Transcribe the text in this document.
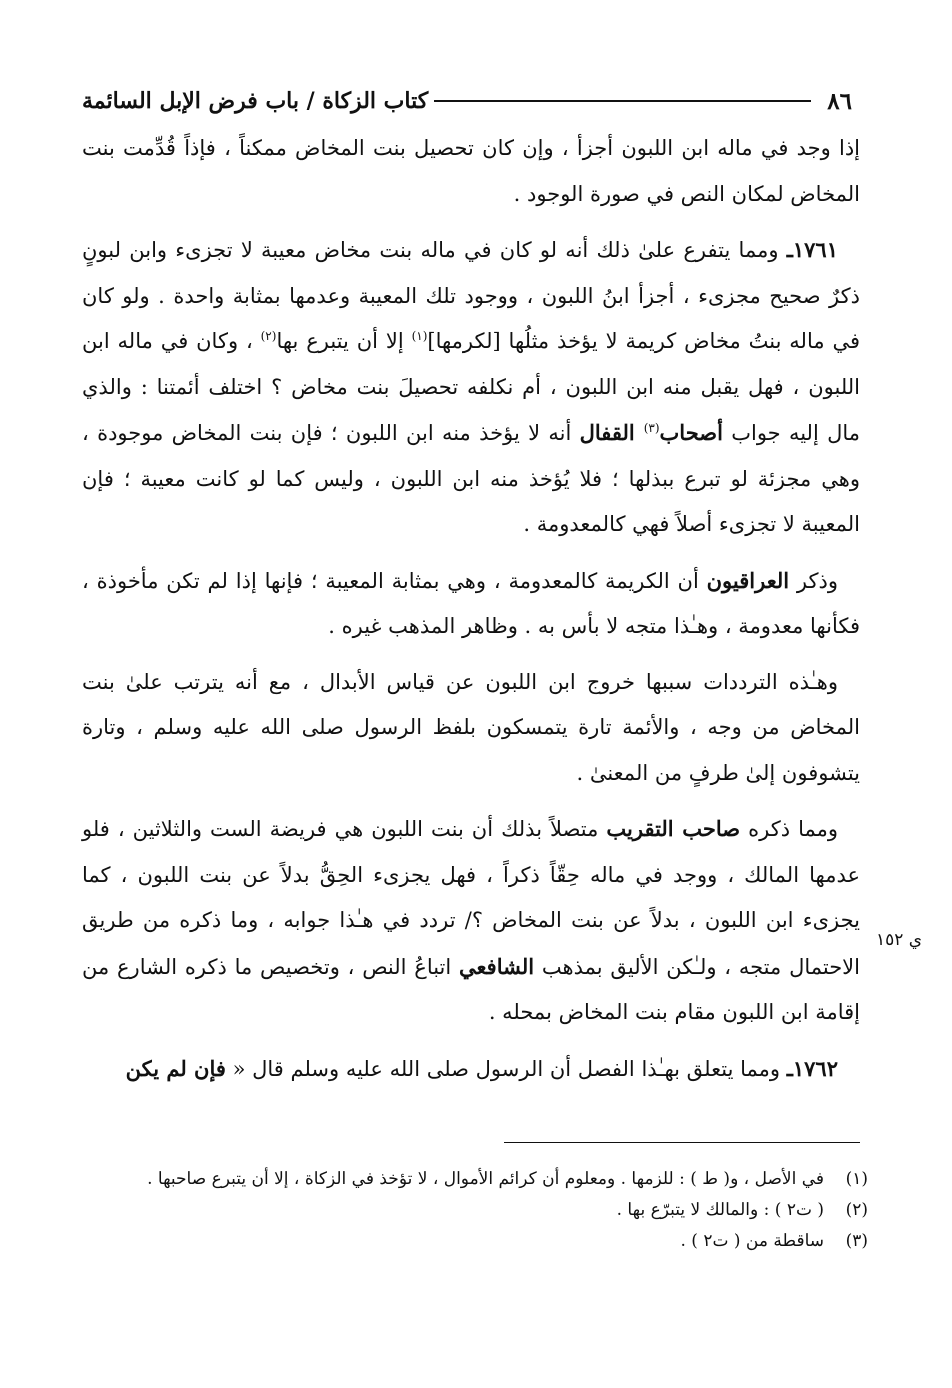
٨٦
كتاب الزكاة / باب فرض الإبل السائمة

إذا وجد في ماله ابن اللبون أجزأ ، وإن كان تحصيل بنت المخاض ممكناً ، فإذاً قُدِّمت بنت المخاض لمكان النص في صورة الوجود .

١٧٦١ـ ومما يتفرع علىٰ ذلك أنه لو كان في ماله بنت مخاض معيبة لا تجزىء وابن لبونٍ ذكرٌ صحيح مجزىء ، أجزأ ابنُ اللبون ، ووجود تلك المعيبة وعدمها بمثابة واحدة . ولو كان في ماله بنتُ مخاض كريمة لا يؤخذ مثلُها [لكرمها]$^{(١)}$ إلا أن يتبرع بها$^{(٢)}$ ، وكان في ماله ابن اللبون ، فهل يقبل منه ابن اللبون ، أم نكلفه تحصيلَ بنت مخاض ؟ اختلف أئمتنا : والذي مال إليه جواب أصحاب$^{(٣)}$ القفال أنه لا يؤخذ منه ابن اللبون ؛ فإن بنت المخاض موجودة ، وهي مجزئة لو تبرع ببذلها ؛ فلا يُؤخذ منه ابن اللبون ، وليس كما لو كانت معيبة ؛ فإن المعيبة لا تجزىء أصلاً فهي كالمعدومة .

وذكر العراقيون أن الكريمة كالمعدومة ، وهي بمثابة المعيبة ؛ فإنها إذا لم تكن مأخوذة ، فكأنها معدومة ، وهـٰذا متجه لا بأس به . وظاهر المذهب غيره .

وهـٰذه الترددات سببها خروج ابن اللبون عن قياس الأبدال ، مع أنه يترتب علىٰ بنت المخاض من وجه ، والأئمة تارة يتمسكون بلفظ الرسول صلى الله عليه وسلم ، وتارة يتشوفون إلىٰ طرفٍ من المعنىٰ .

ومما ذكره صاحب التقريب متصلاً بذلك أن بنت اللبون هي فريضة الست والثلاثين ، فلو عدمها المالك ، ووجد في ماله حِقّاً ذكراً ، فهل يجزىء الحِقُّ بدلاً عن بنت اللبون ، كما يجزىء ابن اللبون ، بدلاً عن بنت المخاض ؟/ تردد في هـٰذا جوابه ، وما ذكره من طريق الاحتمال متجه ، ولـٰكن الأليق بمذهب الشافعي اتباعُ النص ، وتخصيص ما ذكره الشارع من إقامة ابن اللبون مقام بنت المخاض بمحله .

١٧٦٢ـ ومما يتعلق بهـٰذا الفصل أن الرسول صلى الله عليه وسلم قال « فإن لم يكن

ي ١٥٢
(١)
في الأصل ، و( ط ) : للزمها . ومعلوم أن كرائم الأموال ، لا تؤخذ في الزكاة ، إلا أن يتبرع صاحبها .
(٢)
( ت٢ ) : والمالك لا يتبرّع بها .
(٣)
ساقطة من ( ت٢ ) .
